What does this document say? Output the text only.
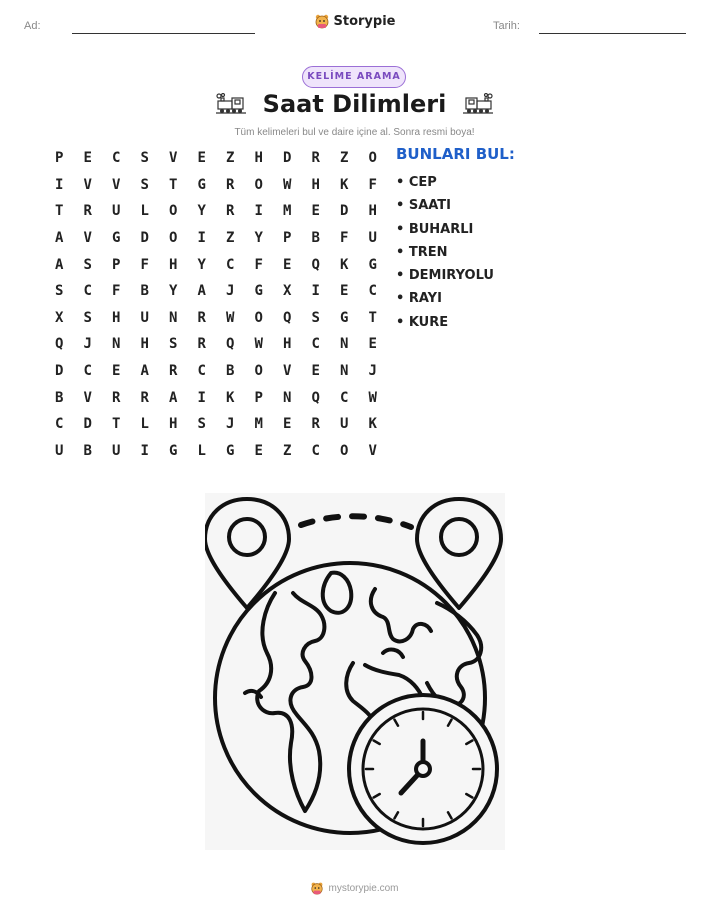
Ad:	Storypie	Tarih:
KELİME ARAMA
Saat Dilimleri
Tüm kelimeleri bul ve daire içine al. Sonra resmi boya!
P	E	C	S	V	E	Z	H	D	R	Z	O
I	V	V	S	T	G	R	O	W	H	K	F
T	R	U	L	O	Y	R	I	M	E	D	H
A	V	G	D	O	I	Z	Y	P	B	F	U
A	S	P	F	H	Y	C	F	E	Q	K	G
S	C	F	B	Y	A	J	G	X	I	E	C
X	S	H	U	N	R	W	O	Q	S	G	T
Q	J	N	H	S	R	Q	W	H	C	N	E
D	C	E	A	R	C	B	O	V	E	N	J
B	V	R	R	A	I	K	P	N	Q	C	W
C	D	T	L	H	S	J	M	E	R	U	K
U	B	U	I	G	L	G	E	Z	C	O	V
BUNLARI BUL:
• CEP
• SAATI
• BUHARLI
• TREN
• DEMIRYOLU
• RAYI
• KURE
mystorypie.com
